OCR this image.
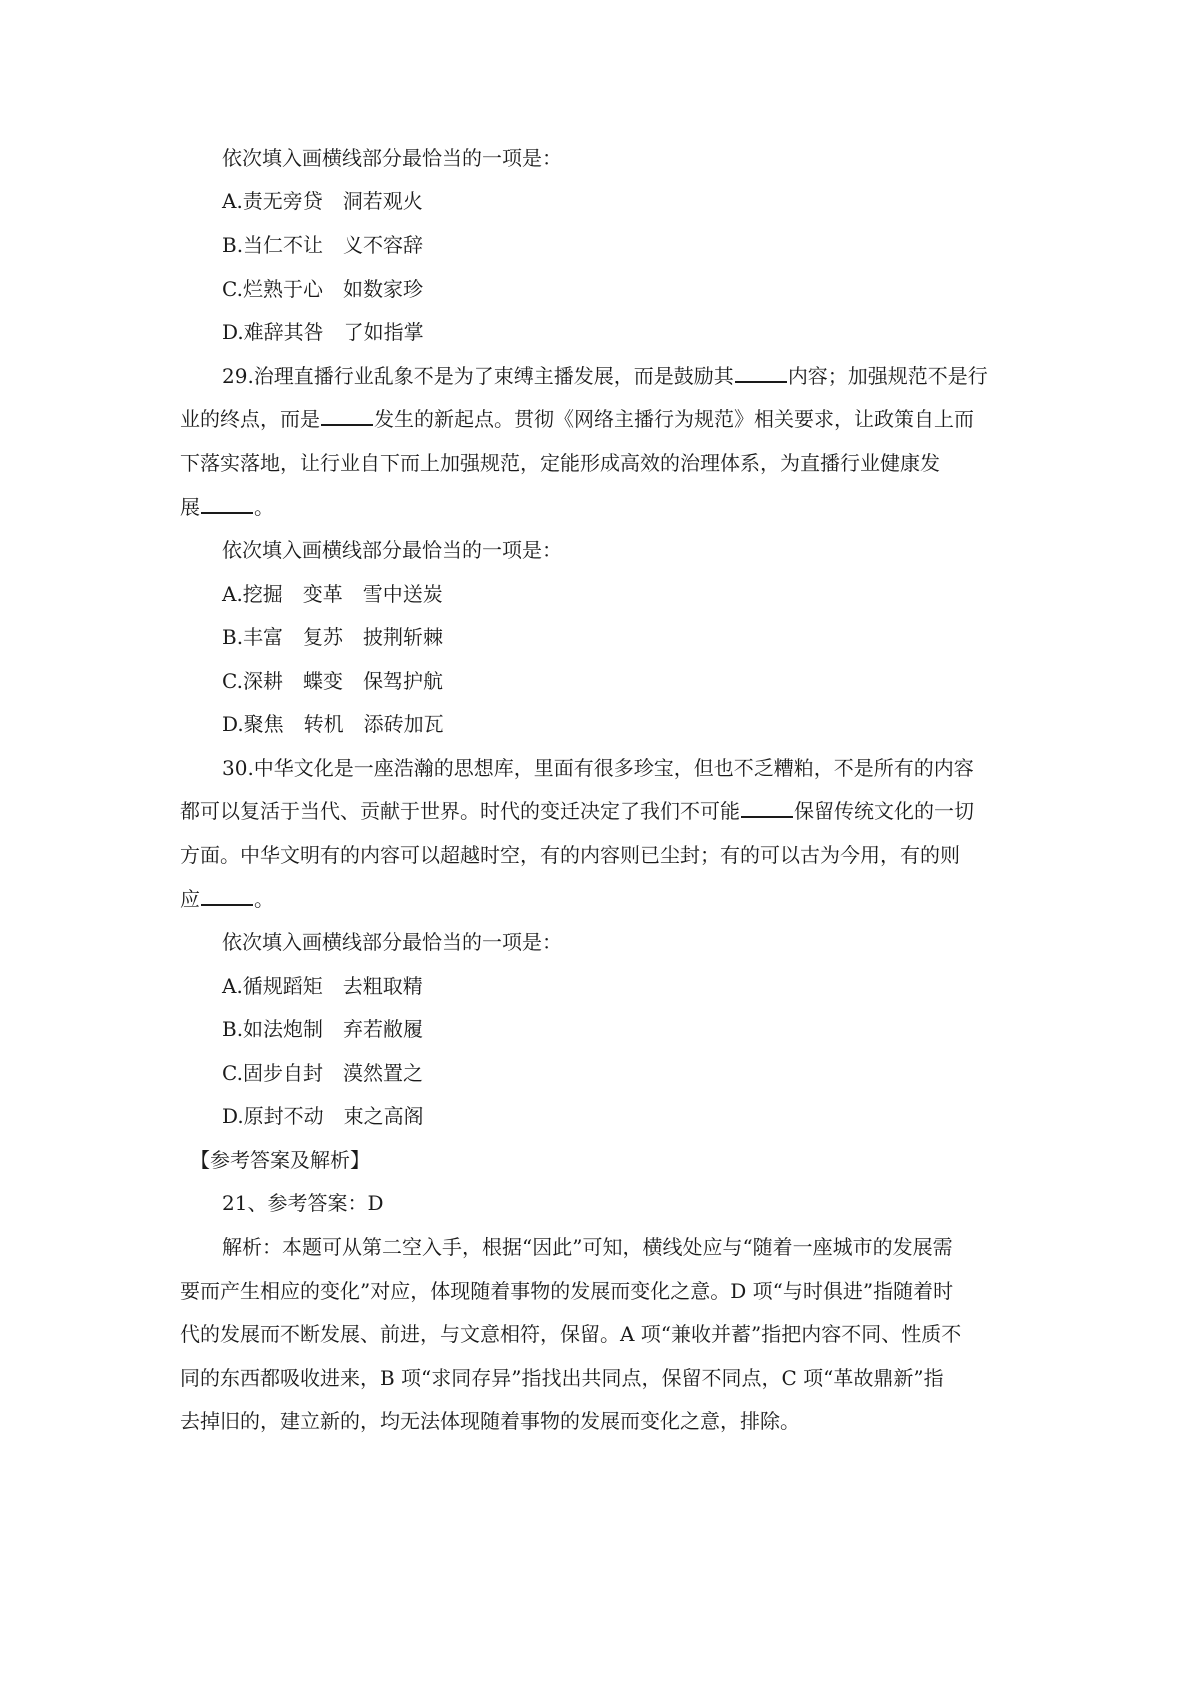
依次填入画横线部分最恰当的一项是：
A.责无旁贷　洞若观火
B.当仁不让　义不容辞
C.烂熟于心　如数家珍
D.难辞其咎　了如指掌
29.治理直播行业乱象不是为了束缚主播发展，而是鼓励其	内容；加强规范不是行
业的终点，而是	发生的新起点。贯彻《网络主播行为规范》相关要求，让政策自上而
下落实落地，让行业自下而上加强规范，定能形成高效的治理体系，为直播行业健康发
展	。
依次填入画横线部分最恰当的一项是：
A.挖掘　变革　雪中送炭
B.丰富　复苏　披荆斩棘
C.深耕　蝶变　保驾护航
D.聚焦　转机　添砖加瓦
30.中华文化是一座浩瀚的思想库，里面有很多珍宝，但也不乏糟粕，不是所有的内容
都可以复活于当代、贡献于世界。时代的变迁决定了我们不可能	保留传统文化的一切
方面。中华文明有的内容可以超越时空，有的内容则已尘封；有的可以古为今用，有的则
应	。
依次填入画横线部分最恰当的一项是：
A.循规蹈矩　去粗取精
B.如法炮制　弃若敝履
C.固步自封　漠然置之
D.原封不动　束之高阁
【参考答案及解析】
21、参考答案：D
解析：本题可从第二空入手，根据“因此”可知，横线处应与“随着一座城市的发展需
要而产生相应的变化”对应，体现随着事物的发展而变化之意。D 项“与时俱进”指随着时
代的发展而不断发展、前进，与文意相符，保留。A 项“兼收并蓄”指把内容不同、性质不
同的东西都吸收进来，B 项“求同存异”指找出共同点，保留不同点，C 项“革故鼎新”指
去掉旧的，建立新的，均无法体现随着事物的发展而变化之意，排除。
